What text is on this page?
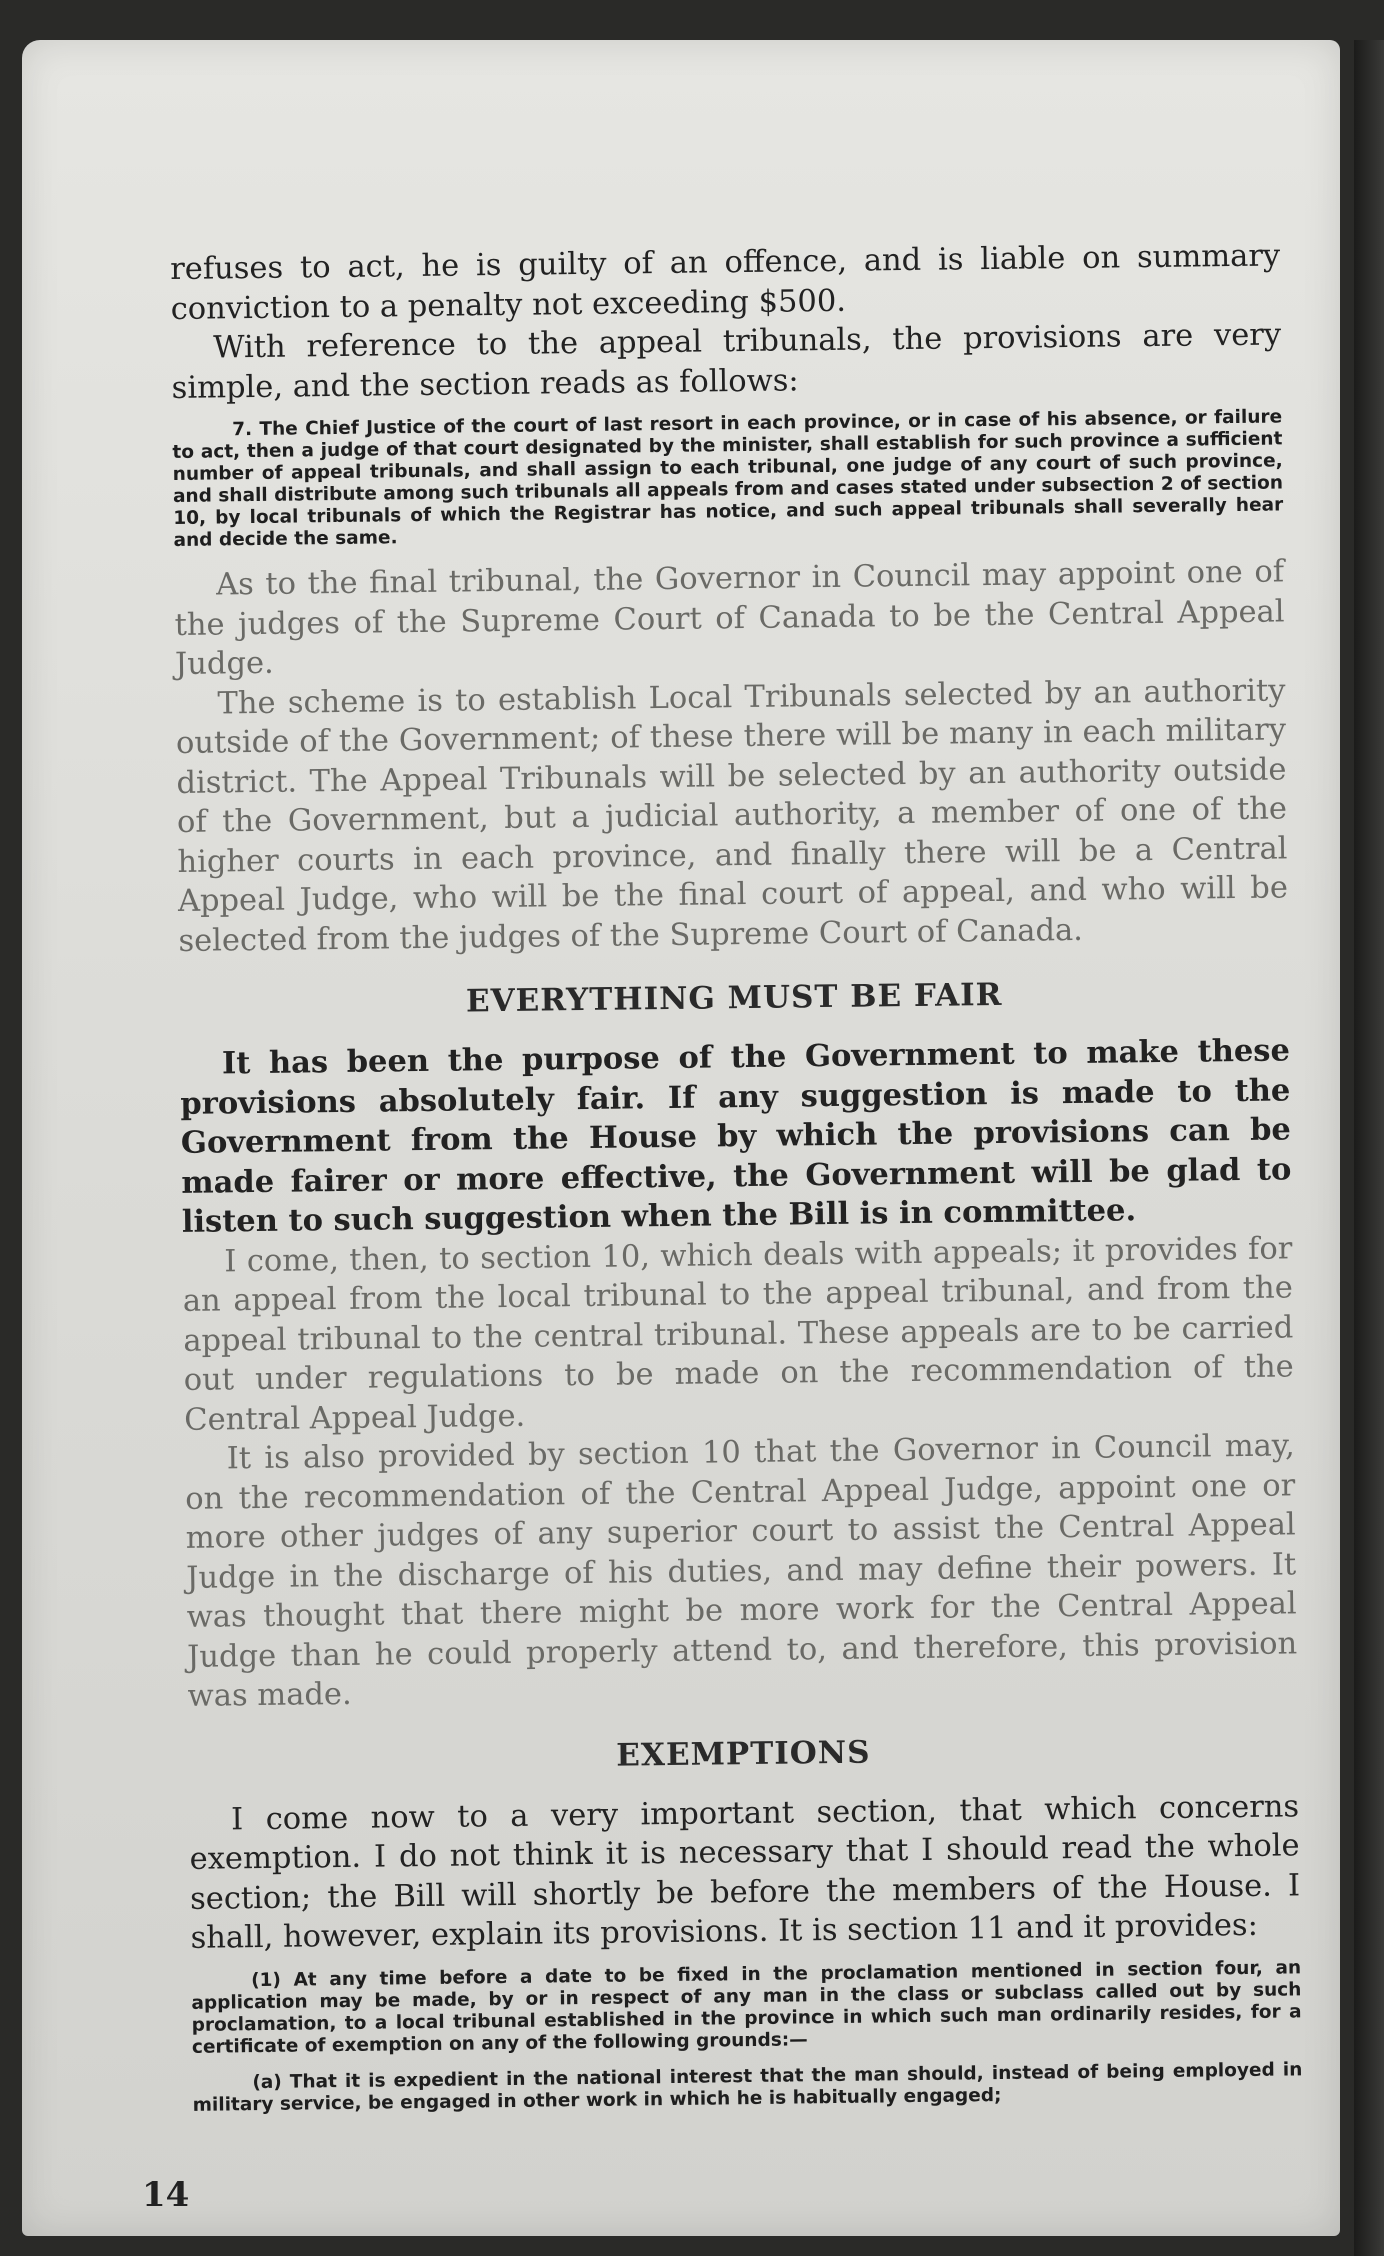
refuses to act, he is guilty of an offence, and is liable on summary conviction to a penalty not exceeding $500.

With reference to the appeal tribunals, the provisions are very simple, and the section reads as follows:

7. The Chief Justice of the court of last resort in each province, or in case of his absence, or failure to act, then a judge of that court designated by the minister, shall establish for such province a sufficient number of appeal tribunals, and shall assign to each tribunal, one judge of any court of such province, and shall distribute among such tribunals all appeals from and cases stated under subsection 2 of section 10, by local tribunals of which the Registrar has notice, and such appeal tribunals shall severally hear and decide the same.

As to the final tribunal, the Governor in Council may appoint one of the judges of the Supreme Court of Canada to be the Central Appeal Judge.

The scheme is to establish Local Tribunals selected by an authority outside of the Government; of these there will be many in each military district. The Appeal Tribunals will be selected by an authority outside of the Government, but a judicial authority, a member of one of the higher courts in each province, and finally there will be a Central Appeal Judge, who will be the final court of appeal, and who will be selected from the judges of the Supreme Court of Canada.

EVERYTHING MUST BE FAIR

It has been the purpose of the Government to make these provisions absolutely fair. If any suggestion is made to the Government from the House by which the provisions can be made fairer or more effective, the Government will be glad to listen to such suggestion when the Bill is in committee.

I come, then, to section 10, which deals with appeals; it provides for an appeal from the local tribunal to the appeal tribunal, and from the appeal tribunal to the central tribunal. These appeals are to be carried out under regulations to be made on the recommendation of the Central Appeal Judge.

It is also provided by section 10 that the Governor in Council may, on the recommendation of the Central Appeal Judge, appoint one or more other judges of any superior court to assist the Central Appeal Judge in the discharge of his duties, and may define their powers. It was thought that there might be more work for the Central Appeal Judge than he could properly attend to, and therefore, this provision was made.

EXEMPTIONS

I come now to a very important section, that which concerns exemption. I do not think it is necessary that I should read the whole section; the Bill will shortly be before the members of the House. I shall, however, explain its provisions. It is section 11 and it provides:

(1) At any time before a date to be fixed in the proclamation mentioned in section four, an application may be made, by or in respect of any man in the class or subclass called out by such proclamation, to a local tribunal established in the province in which such man ordinarily resides, for a certificate of exemption on any of the following grounds:—

(a) That it is expedient in the national interest that the man should, instead of being employed in military service, be engaged in other work in which he is habitually engaged;

14
